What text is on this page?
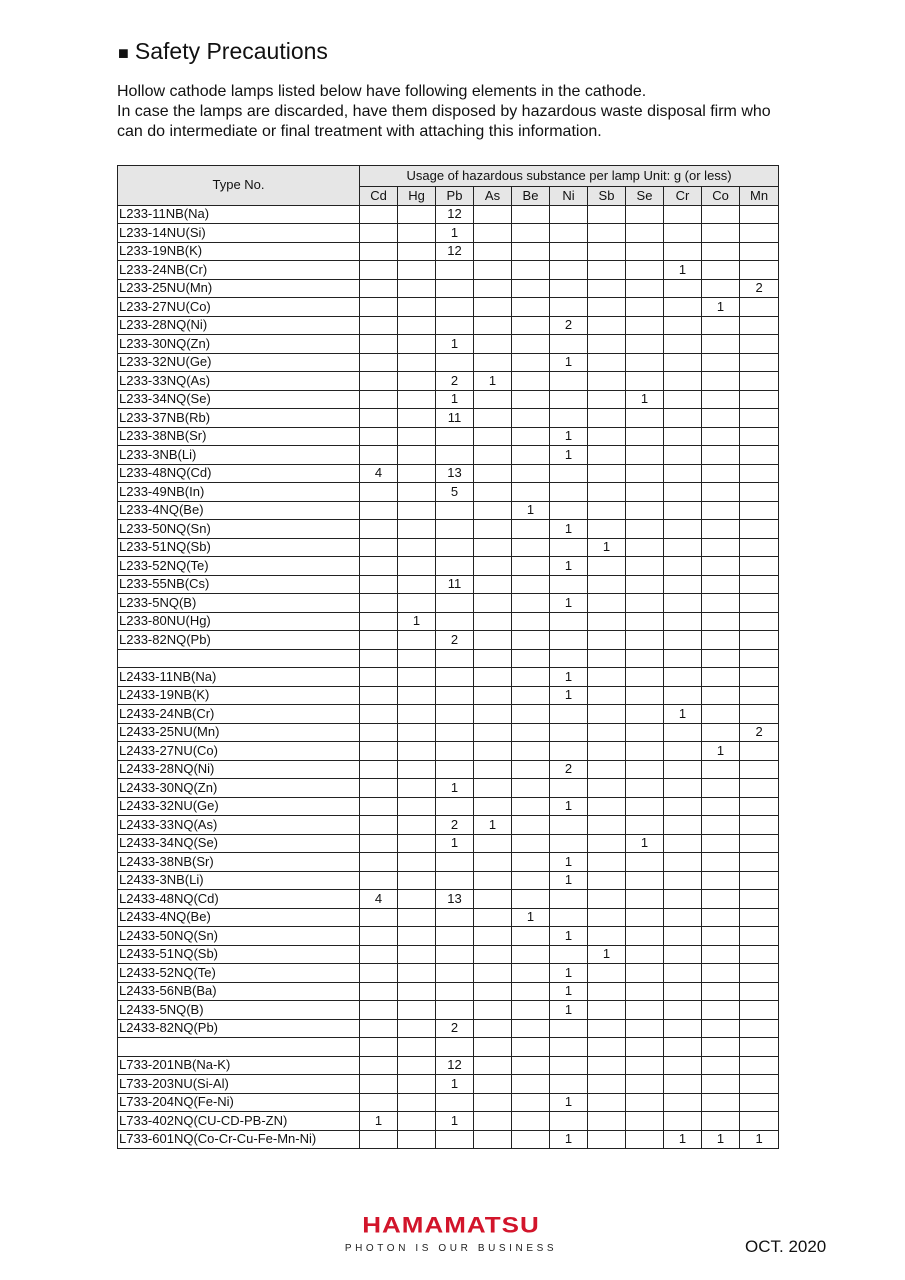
■ Safety Precautions

Hollow cathode lamps listed below have following elements in the cathode.

In case the lamps are discarded, have them disposed by hazardous waste disposal firm who

can do intermediate or final treatment with attaching this information.

Type No.	Usage of hazardous substance per lamp Unit: g (or less)										
	Cd	Hg	Pb	As	Be	Ni	Sb	Se	Cr	Co	Mn
L233-11NB(Na)			12								
L233-14NU(Si)			1								
L233-19NB(K)			12								
L233-24NB(Cr)									1		
L233-25NU(Mn)											2
L233-27NU(Co)										1	
L233-28NQ(Ni)						2					
L233-30NQ(Zn)			1								
L233-32NU(Ge)						1					
L233-33NQ(As)			2	1							
L233-34NQ(Se)			1					1			
L233-37NB(Rb)			11								
L233-38NB(Sr)						1					
L233-3NB(Li)						1					
L233-48NQ(Cd)	4		13								
L233-49NB(In)			5								
L233-4NQ(Be)					1						
L233-50NQ(Sn)						1					
L233-51NQ(Sb)							1				
L233-52NQ(Te)						1					
L233-55NB(Cs)			11								
L233-5NQ(B)						1					
L233-80NU(Hg)		1									
L233-82NQ(Pb)			2								

L2433-11NB(Na)						1					
L2433-19NB(K)						1					
L2433-24NB(Cr)									1		
L2433-25NU(Mn)											2
L2433-27NU(Co)										1	
L2433-28NQ(Ni)						2					
L2433-30NQ(Zn)			1								
L2433-32NU(Ge)						1					
L2433-33NQ(As)			2	1							
L2433-34NQ(Se)			1					1			
L2433-38NB(Sr)						1					
L2433-3NB(Li)						1					
L2433-48NQ(Cd)	4		13								
L2433-4NQ(Be)					1						
L2433-50NQ(Sn)						1					
L2433-51NQ(Sb)							1				
L2433-52NQ(Te)						1					
L2433-56NB(Ba)						1					
L2433-5NQ(B)						1					
L2433-82NQ(Pb)			2								

L733-201NB(Na-K)			12								
L733-203NU(Si-Al)			1								
L733-204NQ(Fe-Ni)						1					
L733-402NQ(CU-CD-PB-ZN)	1		1								
L733-601NQ(Co-Cr-Cu-Fe-Mn-Ni)						1			1	1	1
HAMAMATSU
PHOTON IS OUR BUSINESS	OCT. 2020
